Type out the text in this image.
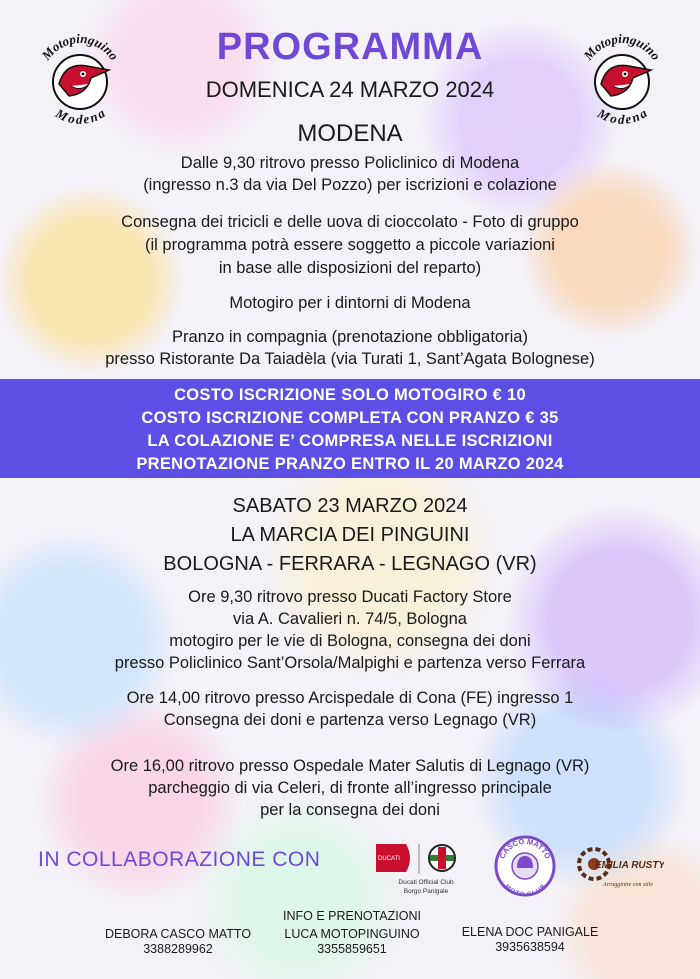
Motopinguino
Modena
Motopinguino
Modena
PROGRAMMA
DOMENICA 24 MARZO 2024
MODENA
Dalle 9,30 ritrovo presso Policlinico di Modena
(ingresso n.3 da via Del Pozzo) per iscrizioni e colazione
Consegna dei tricicli e delle uova di cioccolato - Foto di gruppo
(il programma potrà essere soggetto a piccole variazioni
in base alle disposizioni del reparto)
Motogiro per i dintorni di Modena
Pranzo in compagnia (prenotazione obbligatoria)
presso Ristorante Da Taiadèla (via Turati 1, Sant’Agata Bolognese)
COSTO ISCRIZIONE SOLO MOTOGIRO € 10
COSTO ISCRIZIONE COMPLETA CON PRANZO € 35
LA COLAZIONE E’ COMPRESA NELLE ISCRIZIONI
PRENOTAZIONE PRANZO ENTRO IL 20 MARZO 2024
SABATO 23 MARZO 2024
LA MARCIA DEI PINGUINI
BOLOGNA - FERRARA - LEGNAGO (VR)
Ore 9,30 ritrovo presso Ducati Factory Store
via A. Cavalieri n. 74/5, Bologna
motogiro per le vie di Bologna, consegna dei doni
presso Policlinico Sant’Orsola/Malpighi e partenza verso Ferrara
Ore 14,00 ritrovo presso Arcispedale di Cona (FE) ingresso 1
Consegna dei doni e partenza verso Legnago (VR)
Ore 16,00 ritrovo presso Ospedale Mater Salutis di Legnago (VR)
parcheggio di via Celeri, di fronte all’ingresso principale
per la consegna dei doni
IN COLLABORAZIONE CON	DUCATI
Ducati Official Club
Borgo Panigale
CASCO MATTO
MOTO CLUB
EMILIA RUSTY
Arrugginire con stile
INFO E PRENOTAZIONI
DEBORA CASCO MATTO
3388289962
LUCA MOTOPINGUINO
3355859651
ELENA DOC PANIGALE
3935638594
